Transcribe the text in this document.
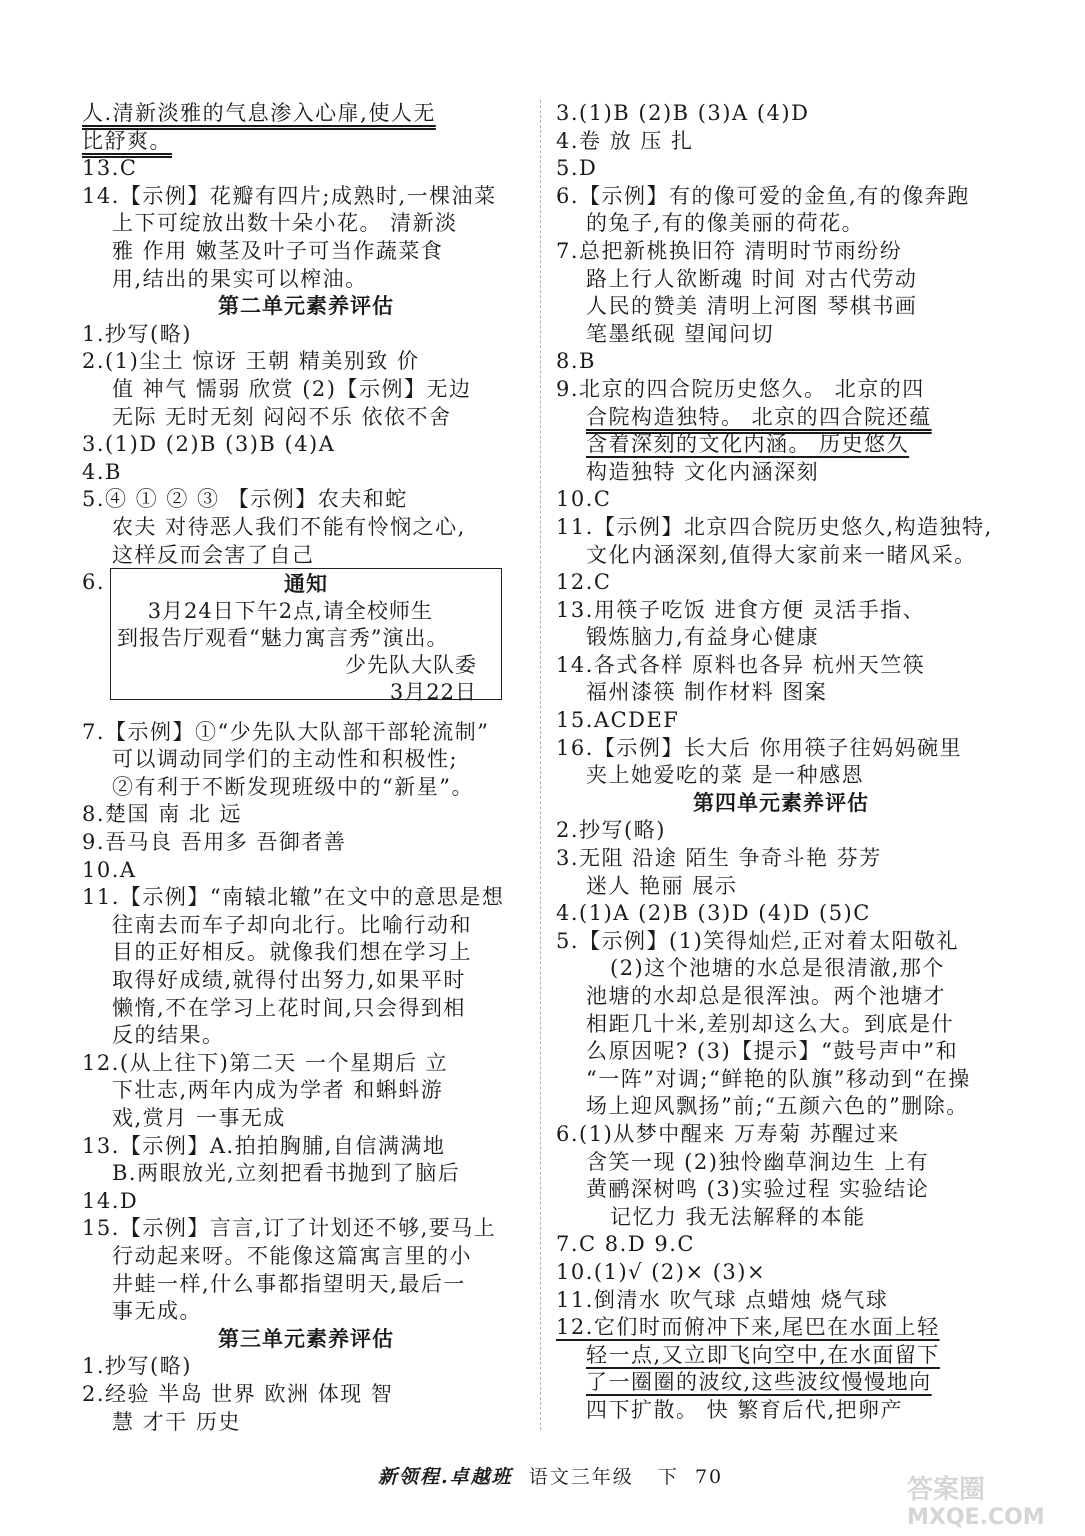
人.清新淡雅的气息渗入心扉,使人无
比舒爽。
13.C
14.【示例】花瓣有四片;成熟时,一棵油菜
上下可绽放出数十朵小花。 清新淡
雅 作用 嫩茎及叶子可当作蔬菜食
用,结出的果实可以榨油。
第二单元素养评估
1.抄写(略)
2.(1)尘土 惊讶 王朝 精美别致 价
值 神气 懦弱 欣赏 (2)【示例】无边
无际 无时无刻 闷闷不乐 依依不舍
3.(1)D (2)B (3)B (4)A
4.B
5.④ ① ② ③ 【示例】农夫和蛇
农夫 对待恶人我们不能有怜悯之心,
这样反而会害了自己
6.	通知
3月24日下午2点,请全校师生
到报告厅观看“魅力寓言秀”演出。
少先队大队委
3月22日
7.【示例】①“少先队大队部干部轮流制”
可以调动同学们的主动性和积极性;
②有利于不断发现班级中的“新星”。
8.楚国 南 北 远
9.吾马良 吾用多 吾御者善
10.A
11.【示例】“南辕北辙”在文中的意思是想
往南去而车子却向北行。比喻行动和
目的正好相反。就像我们想在学习上
取得好成绩,就得付出努力,如果平时
懒惰,不在学习上花时间,只会得到相
反的结果。
12.(从上往下)第二天 一个星期后 立
下壮志,两年内成为学者 和蝌蚪游
戏,赏月 一事无成
13.【示例】A.拍拍胸脯,自信满满地
B.两眼放光,立刻把看书抛到了脑后
14.D
15.【示例】言言,订了计划还不够,要马上
行动起来呀。不能像这篇寓言里的小
井蛙一样,什么事都指望明天,最后一
事无成。
第三单元素养评估
1.抄写(略)
2.经验 半岛 世界 欧洲 体现 智
慧 才干 历史
3.(1)B (2)B (3)A (4)D
4.卷 放 压 扎
5.D
6.【示例】有的像可爱的金鱼,有的像奔跑
的兔子,有的像美丽的荷花。
7.总把新桃换旧符 清明时节雨纷纷
路上行人欲断魂 时间 对古代劳动
人民的赞美 清明上河图 琴棋书画
笔墨纸砚 望闻问切
8.B
9.北京的四合院历史悠久。 北京的四
合院构造独特。 北京的四合院还蕴
含着深刻的文化内涵。 历史悠久
构造独特 文化内涵深刻
10.C
11.【示例】北京四合院历史悠久,构造独特,
文化内涵深刻,值得大家前来一睹风采。
12.C
13.用筷子吃饭 进食方便 灵活手指、
锻炼脑力,有益身心健康
14.各式各样 原料也各异 杭州天竺筷
福州漆筷 制作材料 图案
15.ACDEF
16.【示例】长大后 你用筷子往妈妈碗里
夹上她爱吃的菜 是一种感恩
第四单元素养评估
2.抄写(略)
3.无阻 沿途 陌生 争奇斗艳 芬芳
迷人 艳丽 展示
4.(1)A (2)B (3)D (4)D (5)C
5.【示例】(1)笑得灿烂,正对着太阳敬礼
(2)这个池塘的水总是很清澈,那个
池塘的水却总是很浑浊。两个池塘才
相距几十米,差别却这么大。到底是什
么原因呢? (3)【提示】“鼓号声中”和
“一阵”对调;“鲜艳的队旗”移动到“在操
场上迎风飘扬”前;“五颜六色的”删除。
6.(1)从梦中醒来 万寿菊 苏醒过来
含笑一现 (2)独怜幽草涧边生 上有
黄鹂深树鸣 (3)实验过程 实验结论
记忆力 我无法解释的本能
7.C 8.D 9.C
10.(1)√ (2)× (3)×
11.倒清水 吹气球 点蜡烛 烧气球
12.它们时而俯冲下来,尾巴在水面上轻
轻一点,又立即飞向空中,在水面留下
了一圈圈的波纹,这些波纹慢慢地向
四下扩散。 快 繁育后代,把卵产

新领程.卓越班 语文三年级 下 70	答案圈
MXQE.COM
